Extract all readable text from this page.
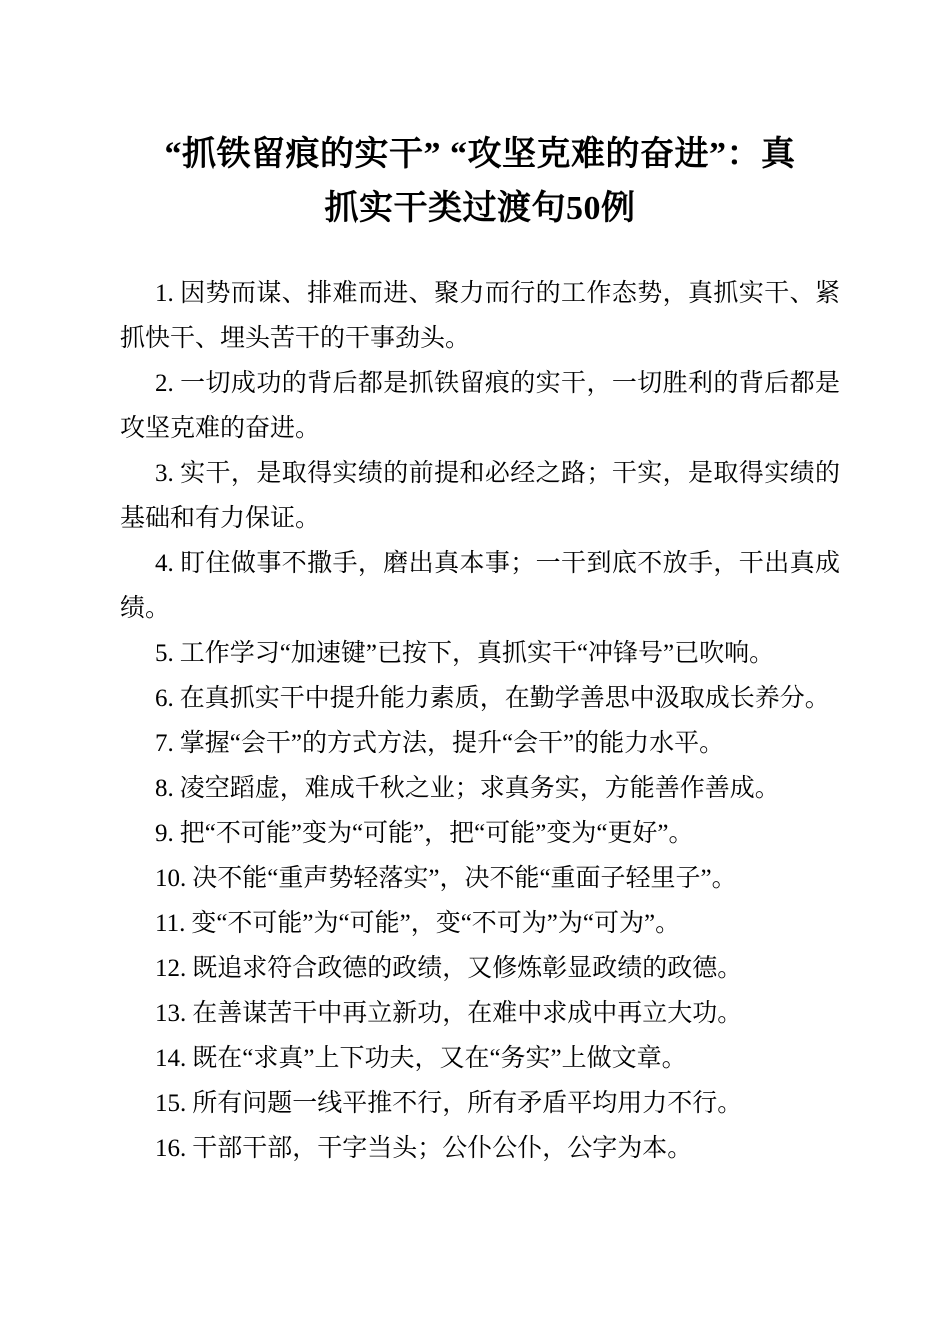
“抓铁留痕的实干” “攻坚克难的奋进”：真
抓实干类过渡句50例

1. 因势而谋、排难而进、聚力而行的工作态势，真抓实干、紧抓快干、埋头苦干的干事劲头。

2. 一切成功的背后都是抓铁留痕的实干，一切胜利的背后都是攻坚克难的奋进。

3. 实干，是取得实绩的前提和必经之路；干实，是取得实绩的基础和有力保证。

4. 盯住做事不撒手，磨出真本事；一干到底不放手，干出真成绩。

5. 工作学习“加速键”已按下，真抓实干“冲锋号”已吹响。

6. 在真抓实干中提升能力素质，在勤学善思中汲取成长养分。

7. 掌握“会干”的方式方法，提升“会干”的能力水平。

8. 凌空蹈虚，难成千秋之业；求真务实，方能善作善成。

9. 把“不可能”变为“可能”，把“可能”变为“更好”。

10. 决不能“重声势轻落实”，决不能“重面子轻里子”。

11. 变“不可能”为“可能”，变“不可为”为“可为”。

12. 既追求符合政德的政绩，又修炼彰显政绩的政德。

13. 在善谋苦干中再立新功，在难中求成中再立大功。

14. 既在“求真”上下功夫，又在“务实”上做文章。

15. 所有问题一线平推不行，所有矛盾平均用力不行。

16. 干部干部，干字当头；公仆公仆，公字为本。
